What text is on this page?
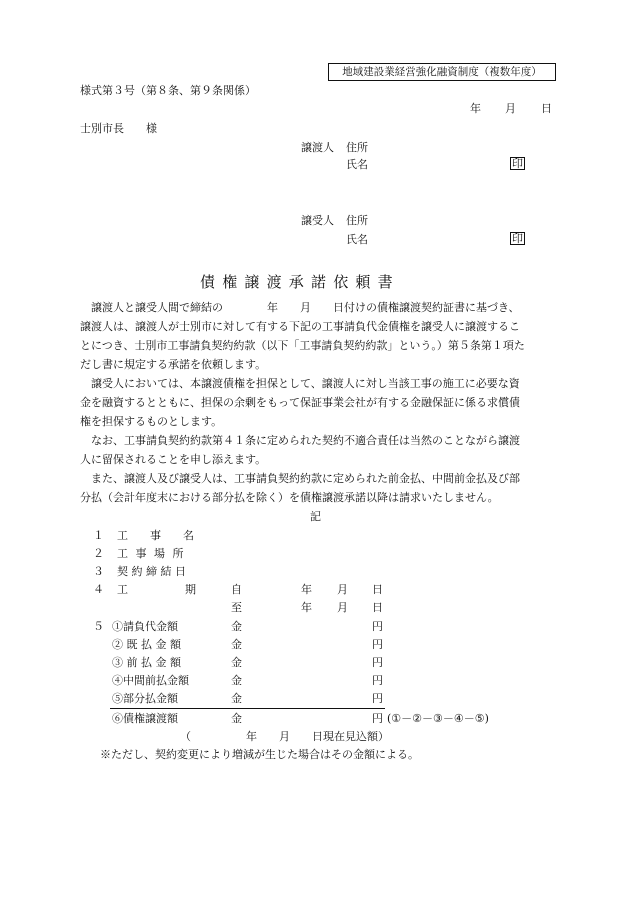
地域建設業経営強化融資制度（複数年度）
様式第３号（第８条、第９条関係）
年 月 日
士別市長　　様
譲渡人 住所
氏名	印
譲受人 住所
氏名	印
債権譲渡承諾依頼書
　譲渡人と譲受人間で締結の　　　　年　　月　　日付けの債権譲渡契約証書に基づき、
譲渡人は、譲渡人が士別市に対して有する下記の工事請負代金債権を譲受人に譲渡するこ
とにつき、士別市工事請負契約約款（以下「工事請負契約約款」という。）第５条第１項た
だし書に規定する承諾を依頼します。
　譲受人においては、本譲渡債権を担保として、譲渡人に対し当該工事の施工に必要な資
金を融資するとともに、担保の余剰をもって保証事業会社が有する金融保証に係る求償債
権を担保するものとします。
　なお、工事請負契約約款第４１条に定められた契約不適合責任は当然のことながら譲渡
人に留保されることを申し添えます。
　また、譲渡人及び譲受人は、工事請負契約約款に定められた前金払、中間前金払及び部
分払（会計年度末における部分払を除く）を債権譲渡承諾以降は請求いたしません。
記
１ 工　　事　　名
２ 工 事 場 所
３ 契 約 締 結 日
４ 工	期	自	年 月 日
至	年 月 日
５ ①請負代金額	金	円
② 既 払 金 額	金	円
③ 前 払 金 額	金	円
④中間前払金額	金	円
⑤部分払金額	金	円
⑥債権譲渡額	金	円 (①－②－③－④－⑤)
（　　　　　年　　月　　日現在見込額）
※ただし、契約変更により増減が生じた場合はその金額による。
